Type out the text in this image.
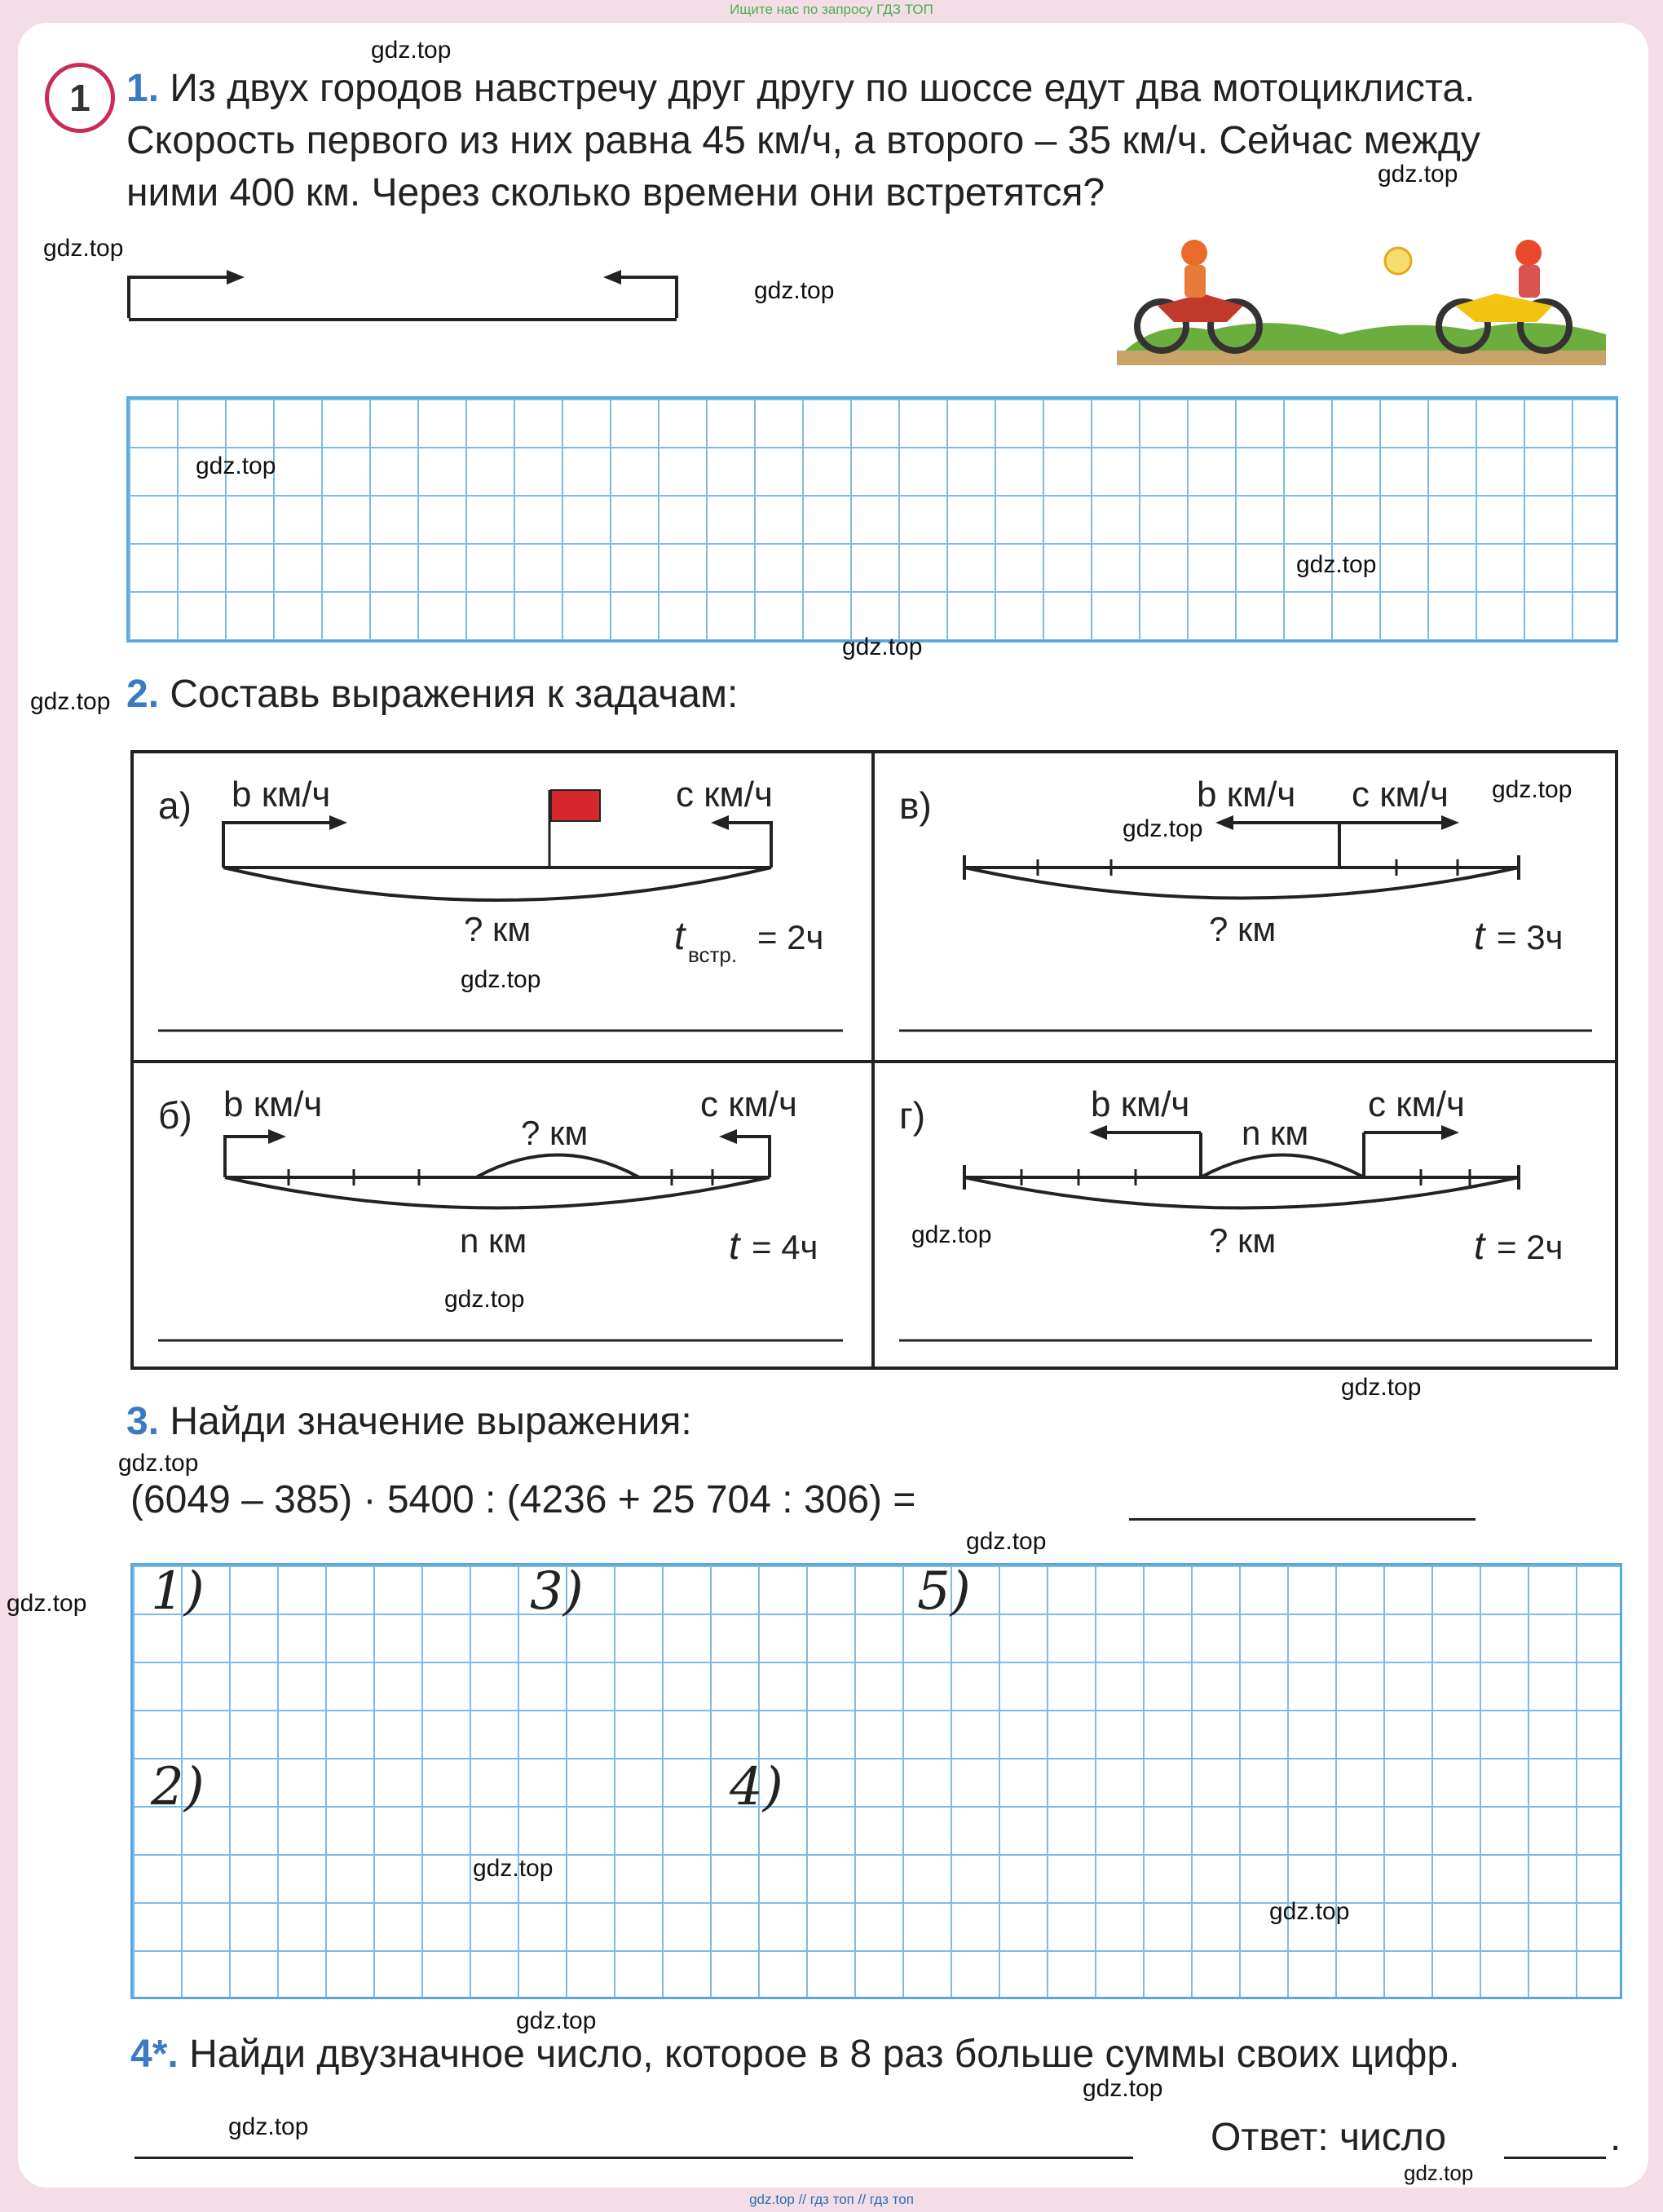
Ищите нас по запросу ГДЗ ТОП
1 1. Из двух городов навстречу друг другу по шоссе едут два мотоциклиста.
Скорость первого из них равна 45 км/ч, а второго – 35 км/ч. Сейчас между
ними 400 км. Через сколько времени они встретятся?
2. Составь выражения к задачам:
а) b км/ч	c км/ч
? км	t встр. = 2ч
в)	b км/ч c км/ч
? км	t = 3ч
б) b км/ч	c км/ч
? км
n км	t = 4ч
г)	b км/ч	c км/ч
n км
? км	t = 2ч
3. Найди значение выражения:
(6049 – 385) · 5400 : (4236 + 25 704 : 306) =
1)
2)
3)
4)
5)
4*. Найди двузначное число, которое в 8 раз больше суммы своих цифр.
Ответ: число	.
gdz.top
gdz.top
gdz.top
gdz.top
gdz.top
gdz.top
gdz.top
gdz.top
gdz.top
gdz.top
gdz.top
gdz.top
gdz.top
gdz.top
gdz.top
gdz.top
gdz.top
gdz.top
gdz.top
gdz.top
gdz.top
gdz.top
gdz.top
gdz.top // гдз топ // гдз топ
